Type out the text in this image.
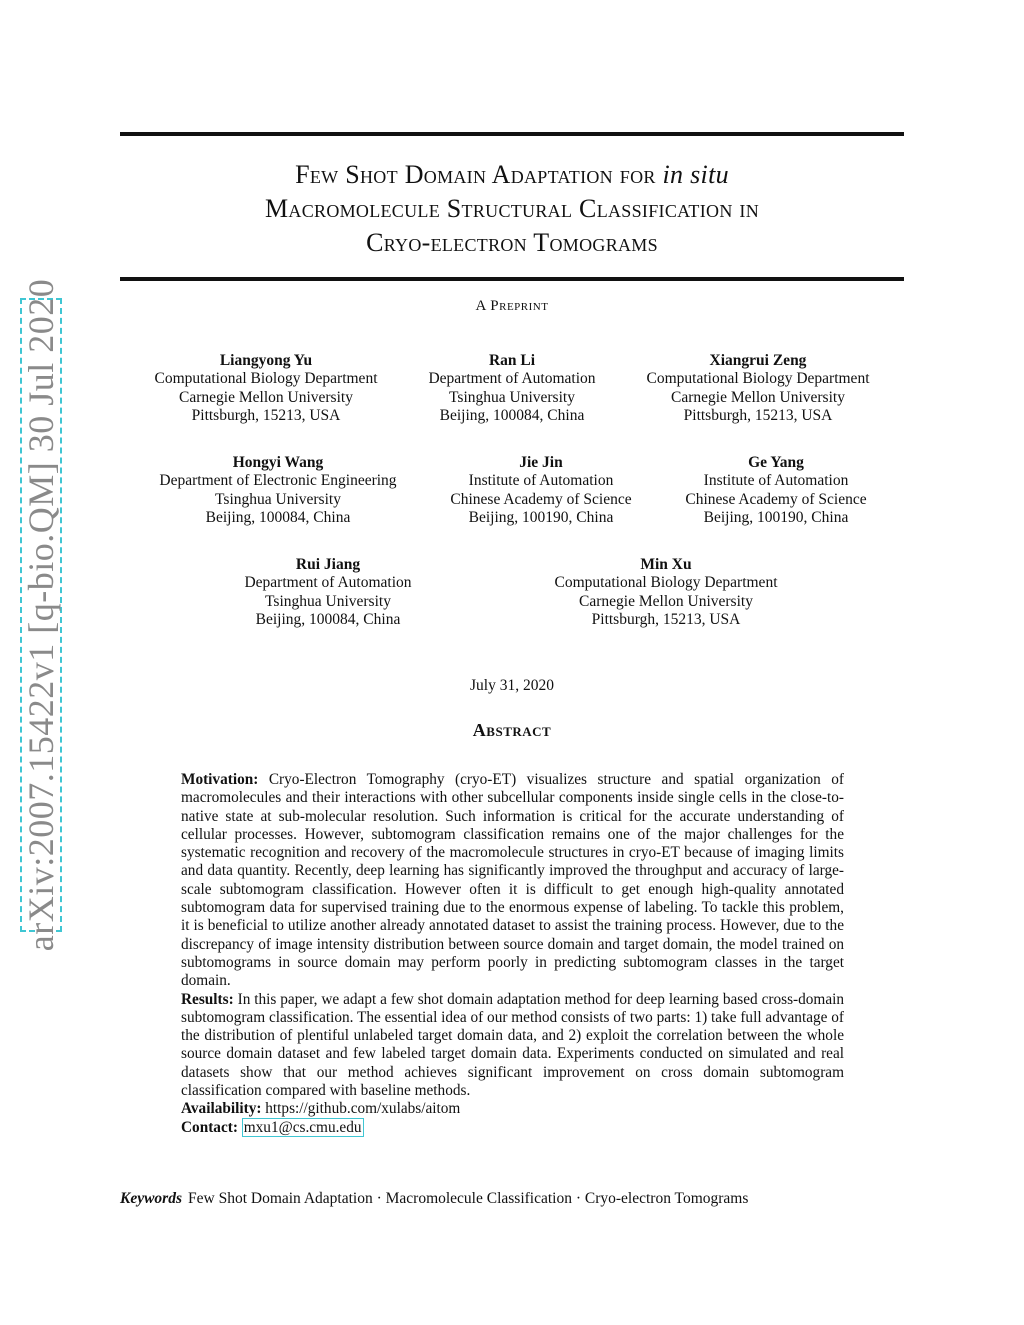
arXiv:2007.15422v1 [q-bio.QM] 30 Jul 2020
Few Shot Domain Adaptation for in situ
Macromolecule Structural Classification in
Cryo-electron Tomograms
A Preprint
Liangyong Yu
Computational Biology Department
Carnegie Mellon University
Pittsburgh, 15213, USA
Ran Li
Department of Automation
Tsinghua University
Beijing, 100084, China
Xiangrui Zeng
Computational Biology Department
Carnegie Mellon University
Pittsburgh, 15213, USA
Hongyi Wang
Department of Electronic Engineering
Tsinghua University
Beijing, 100084, China
Jie Jin
Institute of Automation
Chinese Academy of Science
Beijing, 100190, China
Ge Yang
Institute of Automation
Chinese Academy of Science
Beijing, 100190, China
Rui Jiang
Department of Automation
Tsinghua University
Beijing, 100084, China
Min Xu
Computational Biology Department
Carnegie Mellon University
Pittsburgh, 15213, USA
July 31, 2020
Abstract

Motivation: Cryo-Electron Tomography (cryo-ET) visualizes structure and spatial organization of macromolecules and their interactions with other subcellular components inside single cells in the close-to-native state at sub-molecular resolution. Such information is critical for the accurate understanding of cellular processes. However, subtomogram classification remains one of the major challenges for the systematic recognition and recovery of the macromolecule structures in cryo-ET because of imaging limits and data quantity. Recently, deep learning has significantly improved the throughput and accuracy of large-scale subtomogram classification. However often it is difficult to get enough high-quality annotated subtomogram data for supervised training due to the enormous expense of labeling. To tackle this problem, it is beneficial to utilize another already annotated dataset to assist the training process. However, due to the discrepancy of image intensity distribution between source domain and target domain, the model trained on subtomograms in source domain may perform poorly in predicting subtomogram classes in the target domain.

Results: In this paper, we adapt a few shot domain adaptation method for deep learning based cross-domain subtomogram classification. The essential idea of our method consists of two parts: 1) take full advantage of the distribution of plentiful unlabeled target domain data, and 2) exploit the correlation between the whole source domain dataset and few labeled target domain data. Experiments conducted on simulated and real datasets show that our method achieves significant improvement on cross domain subtomogram classification compared with baseline methods.

Availability: https://github.com/xulabs/aitom

Contact: mxu1@cs.cmu.edu

Keywords Few Shot Domain Adaptation · Macromolecule Classification · Cryo-electron Tomograms
